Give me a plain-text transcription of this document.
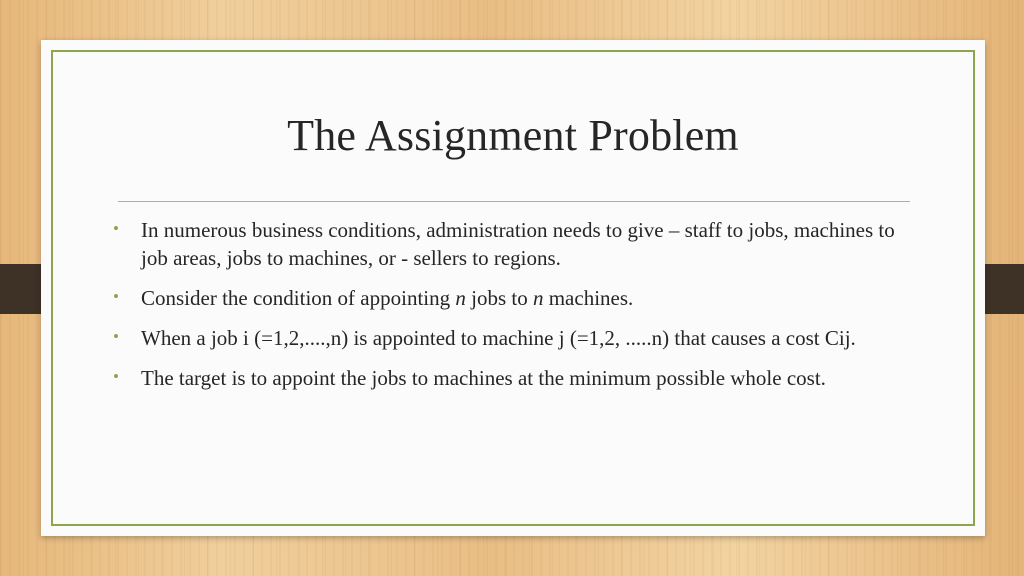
The Assignment Problem
• In numerous business conditions, administration needs to give – staff to jobs, machines to job areas, jobs to machines, or - sellers to regions.
• Consider the condition of appointing n jobs to n machines.
• When a job i (=1,2,....,n) is appointed to machine j (=1,2, .....n) that causes a cost Cij.
• The target is to appoint the jobs to machines at the minimum possible whole cost.
